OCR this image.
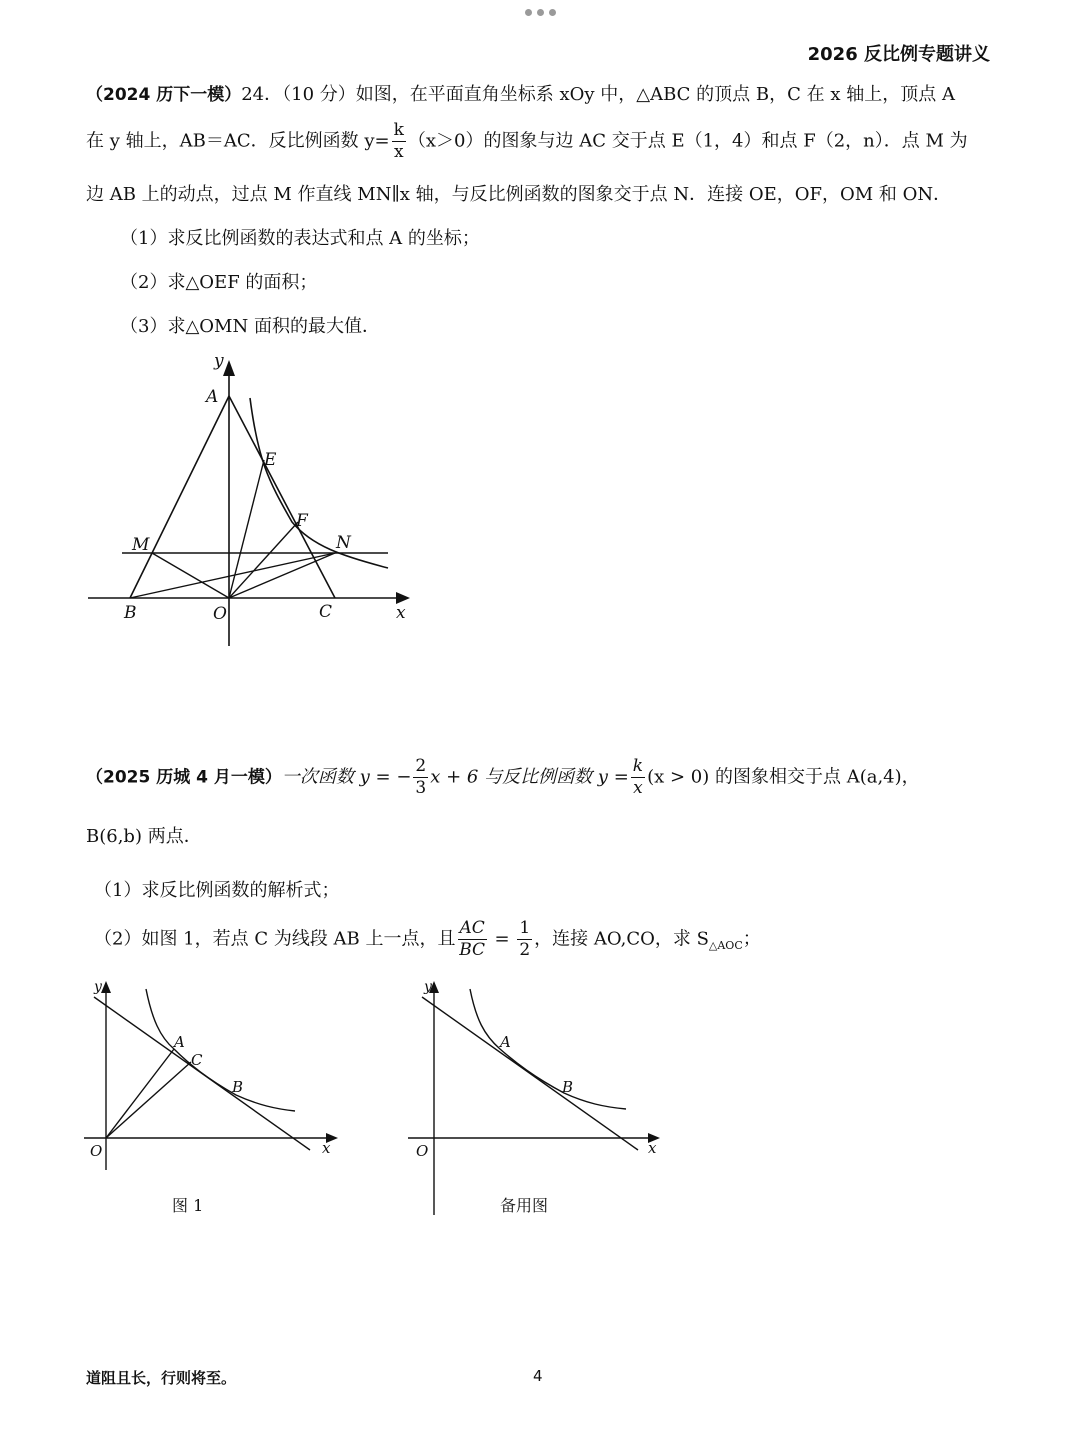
2026 反比例专题讲义
（2024 历下一模）24．（10 分）如图，在平面直角坐标系 xOy 中，△ABC 的顶点 B，C 在 x 轴上，顶点 A
在 y 轴上，AB＝AC．反比例函数 $y= \frac{k}{x} (x>0)$的图象与边 AC 交于点 E（1，4）和点 F（2，n）．点 M 为
边 AB 上的动点，过点 M 作直线 MN∥x 轴，与反比例函数的图象交于点 N．连接 OE，OF，OM 和 ON．
（1）求反比例函数的表达式和点 A 的坐标；
（2）求△OEF 的面积；
（3）求△OMN 面积的最大值．
y
A
E
F
M	N
B	O	C	x
（2025 历城 4 月一模）一次函数 y = − $\frac{2}{3}$ x + 6 与反比例函数 $y = \frac{k}{x} (x > 0)$ 的图象相交于点 A(a,4)，
B(6,b) 两点．
（1）求反比例函数的解析式；
（2）如图 1，若点 C 为线段 AB 上一点，且 $\frac{AC}{BC} = \frac{1}{2}$ ，连接 AO,CO，求 $S_{\triangle AOC}$；
y
A
C
B
O	x
图 1
y
A
B
O	x
备用图
道阻且长，行则将至。	4
